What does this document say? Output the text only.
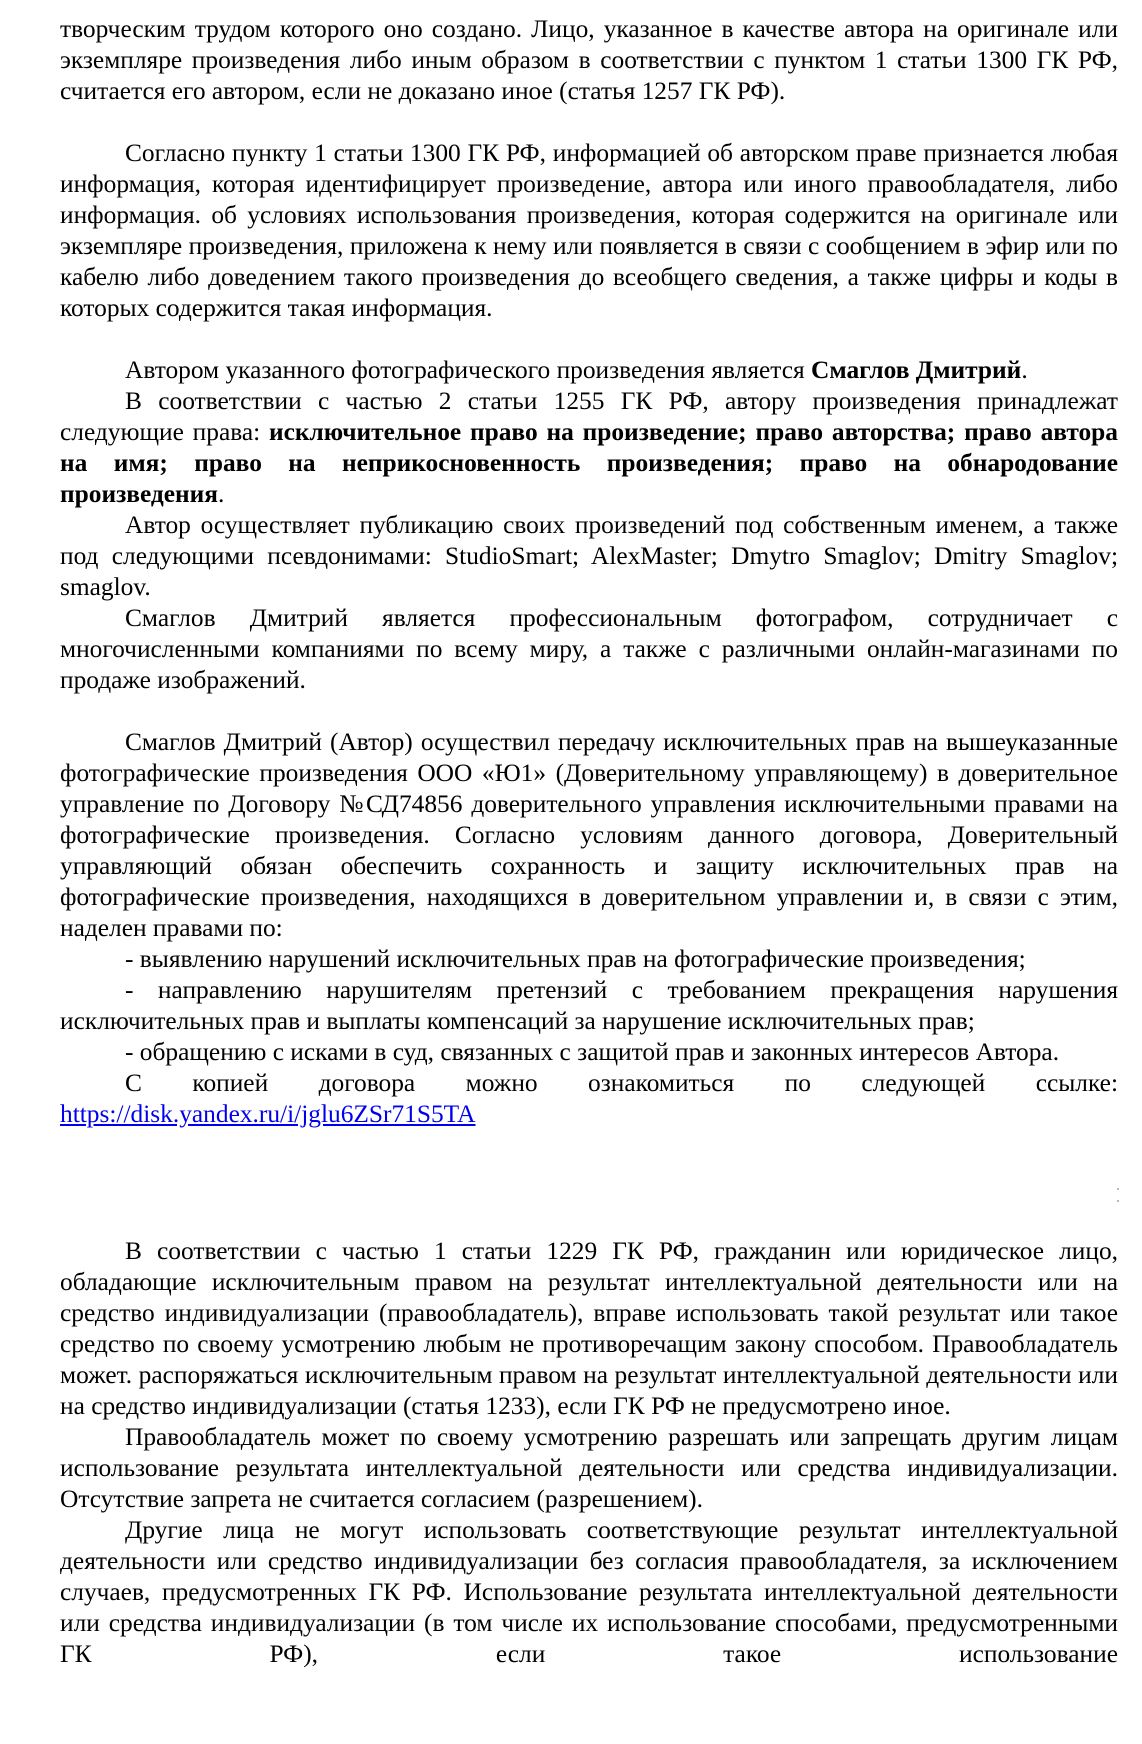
творческим трудом которого оно создано. Лицо, указанное в качестве автора на оригинале или экземпляре произведения либо иным образом в соответствии с пунктом 1 статьи 1300 ГК РФ, считается его автором, если не доказано иное (статья 1257 ГК РФ).

Согласно пункту 1 статьи 1300 ГК РФ, информацией об авторском праве признается любая информация, которая идентифицирует произведение, автора или иного правообладателя, либо информация. об условиях использования произведения, которая содержится на оригинале или экземпляре произведения, приложена к нему или появляется в связи с сообщением в эфир или по кабелю либо доведением такого произведения до всеобщего сведения, а также цифры и коды в которых содержится такая информация.

Автором указанного фотографического произведения является Смаглов Дмитрий.

В соответствии с частью 2 статьи 1255 ГК РФ, автору произведения принадлежат следующие права: исключительное право на произведение; право авторства; право автора на имя; право на неприкосновенность произведения; право на обнародование произведения.

Автор осуществляет публикацию своих произведений под собственным именем, а также под следующими псевдонимами: StudioSmart; AlexMaster; Dmytro Smaglov; Dmitry Smaglov; smaglov.

Смаглов Дмитрий является профессиональным фотографом, сотрудничает с многочисленными компаниями по всему миру, а также с различными онлайн-магазинами по продаже изображений.

Смаглов Дмитрий (Автор) осуществил передачу исключительных прав на вышеуказанные фотографические произведения ООО «Ю1» (Доверительному управляющему) в доверительное управление по Договору №СД74856 доверительного управления исключительными правами на фотографические произведения. Согласно условиям данного договора, Доверительный управляющий обязан обеспечить сохранность и защиту исключительных прав на фотографические произведения, находящихся в доверительном управлении и, в связи с этим, наделен правами по:

- выявлению нарушений исключительных прав на фотографические произведения;

- направлению нарушителям претензий с требованием прекращения нарушения исключительных прав и выплаты компенсаций за нарушение исключительных прав;

- обращению с исками в суд, связанных с защитой прав и законных интересов Автора.

С копией договора можно ознакомиться по следующей ссылке:

https://disk.yandex.ru/i/jglu6ZSr71S5TA

В соответствии с частью 1 статьи 1229 ГК РФ, гражданин или юридическое лицо, обладающие исключительным правом на результат интеллектуальной деятельности или на средство индивидуализации (правообладатель), вправе использовать такой результат или такое средство по своему усмотрению любым не противоречащим закону способом. Правообладатель может. распоряжаться исключительным правом на результат интеллектуальной деятельности или на средство индивидуализации (статья 1233), если ГК РФ не предусмотрено иное.

Правообладатель может по своему усмотрению разрешать или запрещать другим лицам использование результата интеллектуальной деятельности или средства индивидуализации. Отсутствие запрета не считается согласием (разрешением).

Другие лица не могут использовать соответствующие результат интеллектуальной деятельности или средство индивидуализации без согласия правообладателя, за исключением случаев, предусмотренных ГК РФ. Использование результата интеллектуальной деятельности или средства индивидуализации (в том числе их использование способами, предусмотренными ГК РФ), если такое использование
